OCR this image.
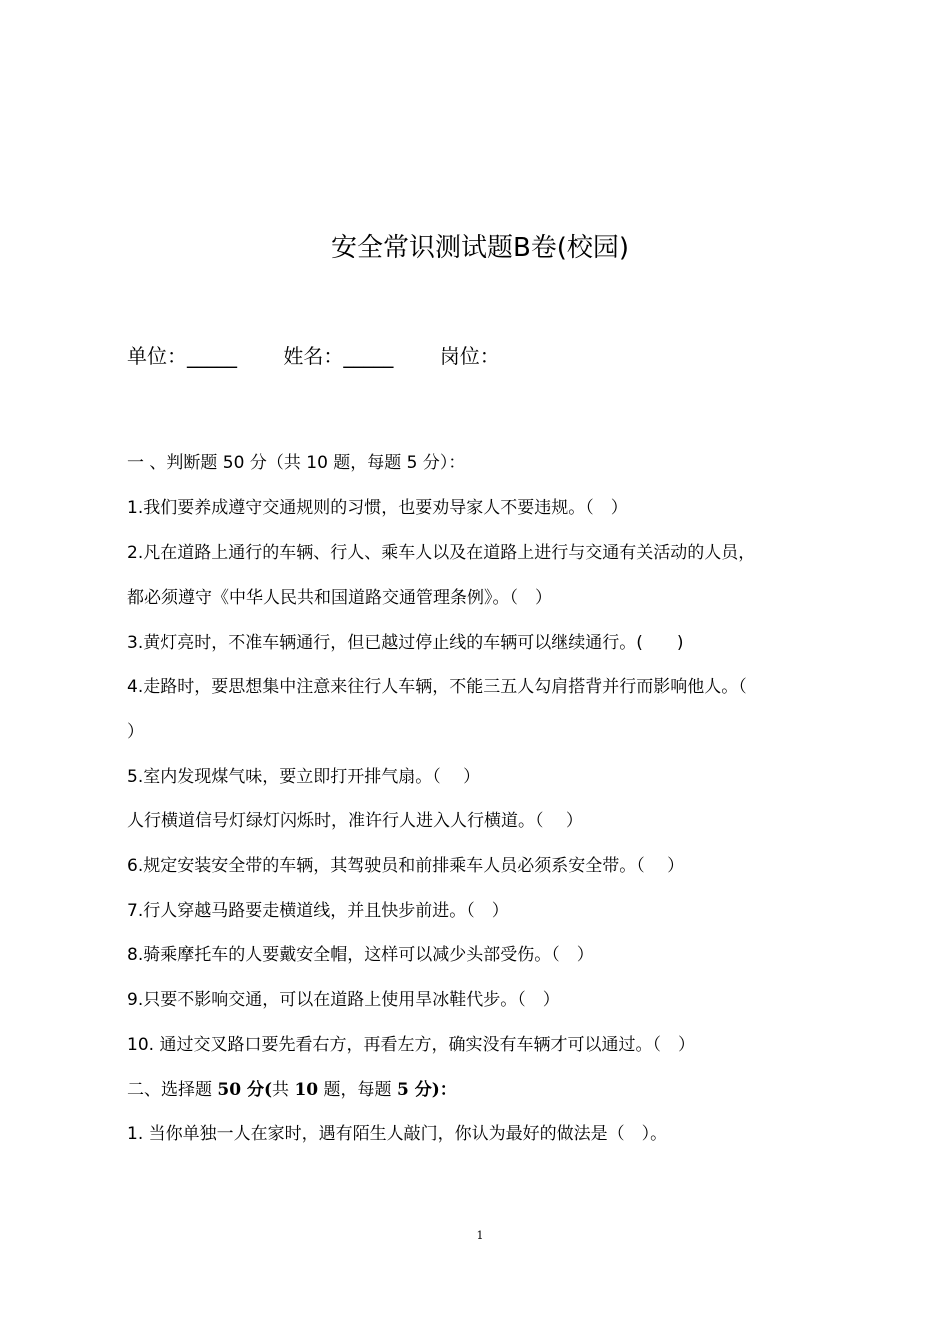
安全常识测试题B卷(校园)
单位：_____ 姓名：_____ 岗位：
一 、判断题 50 分（共 10 题，每题 5 分）：
1.我们要养成遵守交通规则的习惯，也要劝导家人不要违规。（　）
2.凡在道路上通行的车辆、行人、乘车人以及在道路上进行与交通有关活动的人员，
都必须遵守《中华人民共和国道路交通管理条例》。（　）
3.黄灯亮时，不准车辆通行，但已越过停止线的车辆可以继续通行。(　　)
4.走路时，要思想集中注意来往行人车辆，不能三五人勾肩搭背并行而影响他人。（
）
5.室内发现煤气味，要立即打开排气扇。（　 ）
人行横道信号灯绿灯闪烁时，准许行人进入人行横道。（　 ）
6.规定安装安全带的车辆，其驾驶员和前排乘车人员必须系安全带。（　 ）
7.行人穿越马路要走横道线，并且快步前进。（　）
8.骑乘摩托车的人要戴安全帽，这样可以减少头部受伤。（　）
9.只要不影响交通，可以在道路上使用旱冰鞋代步。（　）
10. 通过交叉路口要先看右方，再看左方，确实没有车辆才可以通过。（　）
二、选择题 50 分(共 10 题，每题 5 分)：
1. 当你单独一人在家时，遇有陌生人敲门，你认为最好的做法是（　）。
1
